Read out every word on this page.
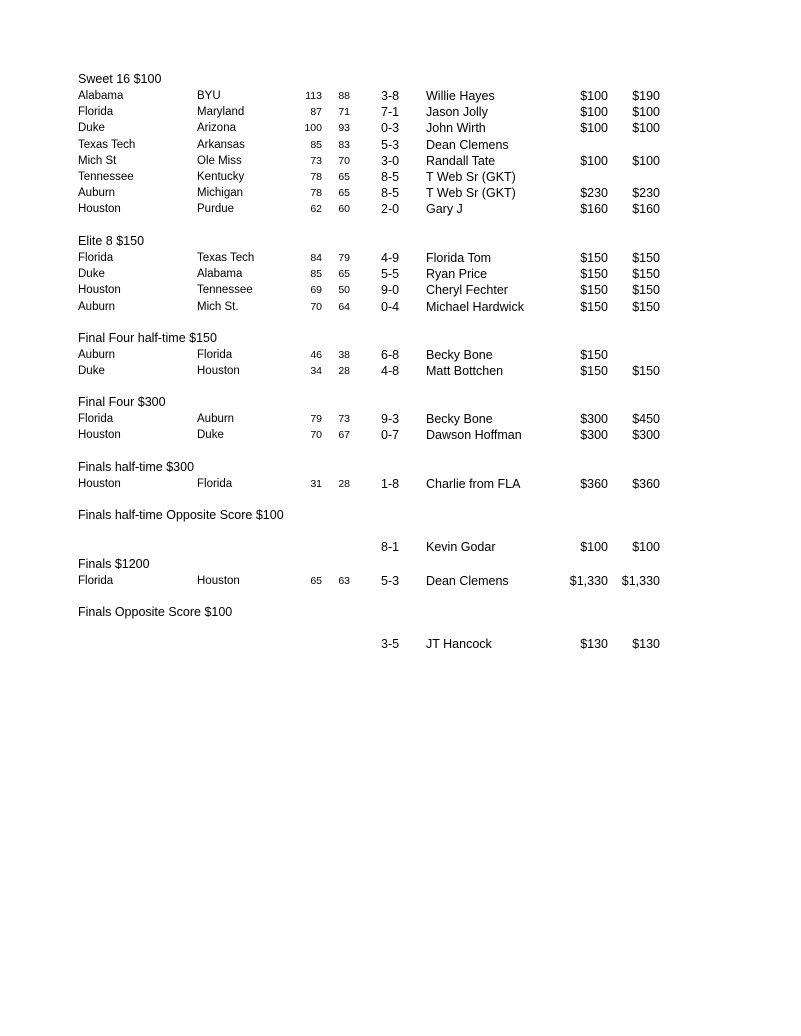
Sweet 16 $100
Alabama	BYU	113	88 3-8 Willie Hayes	$100	$190
Florida	Maryland	87	71 7-1 Jason Jolly	$100	$100
Duke	Arizona	100	93 0-3 John Wirth	$100	$100
Texas Tech	Arkansas	85	83 5-3 Dean Clemens
Mich St	Ole Miss	73	70 3-0 Randall Tate	$100	$100
Tennessee	Kentucky	78	65 8-5 T Web Sr (GKT)
Auburn	Michigan	78	65 8-5 T Web Sr (GKT)	$230	$230
Houston	Purdue	62	60 2-0 Gary J	$160	$160
Elite 8 $150
Florida	Texas Tech	84	79 4-9 Florida Tom	$150	$150
Duke	Alabama	85	65 5-5 Ryan Price	$150	$150
Houston	Tennessee	69	50 9-0 Cheryl Fechter	$150	$150
Auburn	Mich St.	70	64 0-4 Michael Hardwick	$150	$150
Final Four half-time $150
Auburn	Florida	46	38 6-8 Becky Bone	$150
Duke	Houston	34	28 4-8 Matt Bottchen	$150	$150
Final Four $300
Florida	Auburn	79	73 9-3 Becky Bone	$300	$450
Houston	Duke	70	67 0-7 Dawson Hoffman	$300	$300
Finals half-time $300
Houston	Florida	31	28 1-8 Charlie from FLA	$360	$360
Finals half-time Opposite Score $100
8-1 Kevin Godar	$100	$100
Finals $1200
Florida	Houston	65	63 5-3 Dean Clemens	$1,330	$1,330
Finals Opposite Score $100
3-5 JT Hancock	$130	$130
